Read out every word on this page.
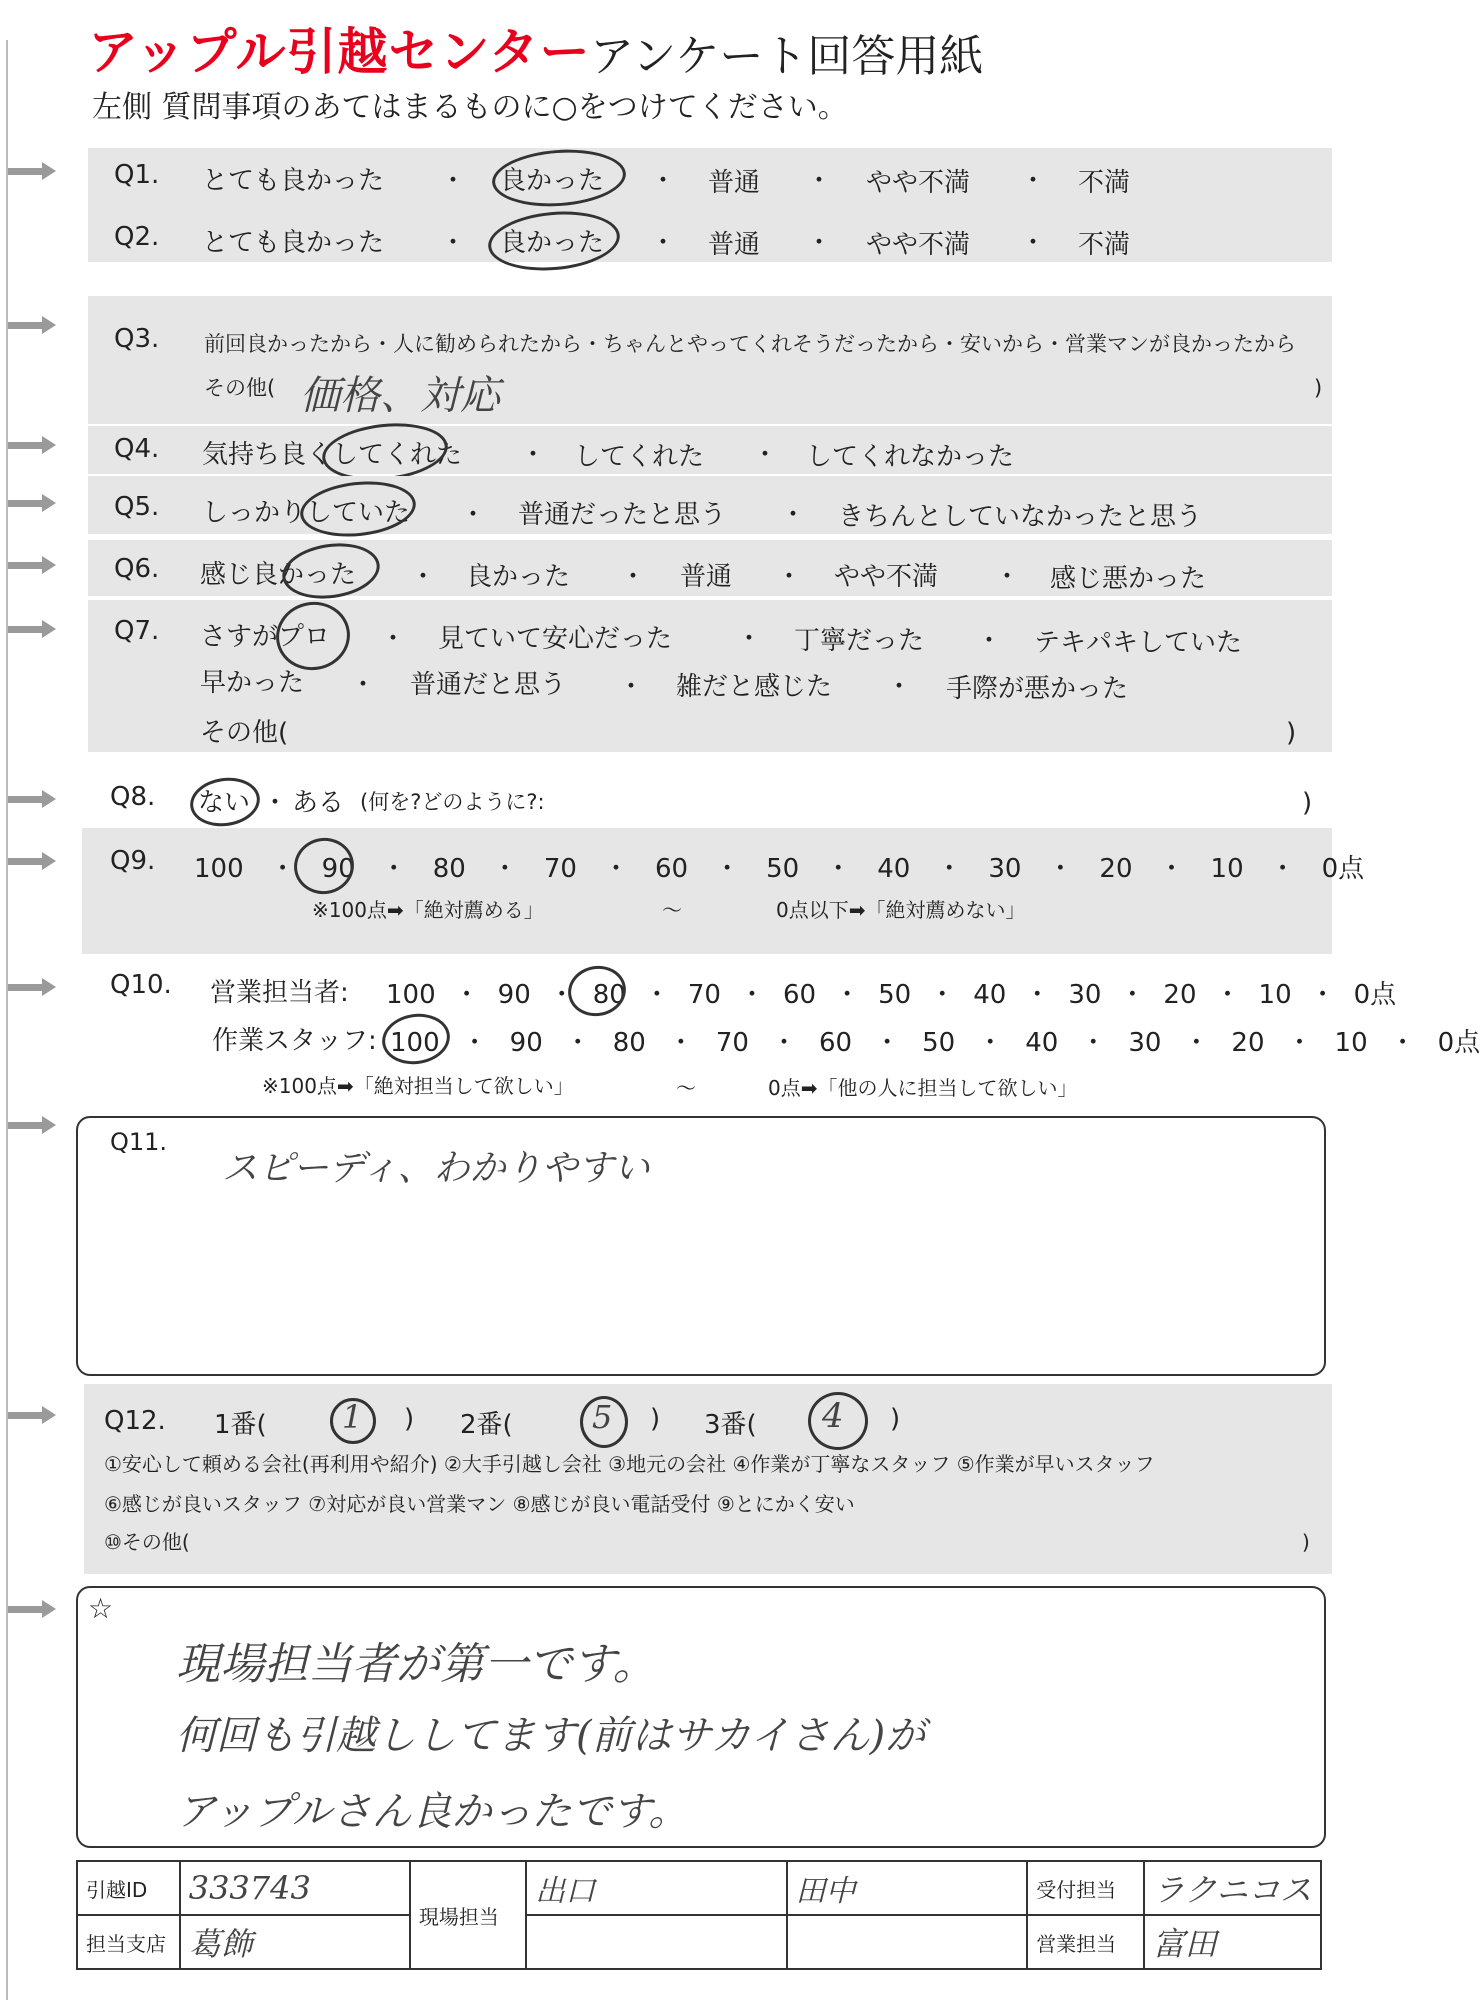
アップル引越センター アンケート回答用紙
左側 質問事項のあてはまるものに○をつけてください。
Q1. とても良かった ・ 良かった ・ 普通 ・ やや不満 ・ 不満
Q2. とても良かった ・ 良かった ・ 普通 ・ やや不満 ・ 不満
Q3. 前回良かったから・人に勧められたから・ちゃんとやってくれそうだったから・安いから・営業マンが良かったから
その他( 価格、対応	)
Q4. 気持ち良くしてくれた ・ してくれた ・ してくれなかった
Q5. しっかりしていた ・ 普通だったと思う ・ きちんとしていなかったと思う
Q6. 感じ良かった ・ 良かった ・ 普通 ・ やや不満 ・ 感じ悪かった
Q7. さすがプロ ・ 見ていて安心だった ・ 丁寧だった ・ テキパキしていた
早かった ・ 普通だと思う ・ 雑だと感じた ・ 手際が悪かった
その他(	)
Q8. ない ・ ある (何を?どのように?:	)
Q9. 100 ・ 90 ・ 80 ・ 70 ・ 60 ・ 50 ・ 40 ・ 30 ・ 20 ・ 10 ・ 0点
※100点➡「絶対薦める」	〜	0点以下➡「絶対薦めない」
Q10. 営業担当者: 100 ・ 90 ・ 80 ・ 70 ・ 60 ・ 50 ・ 40 ・ 30 ・ 20 ・ 10 ・ 0点
作業スタッフ: 100 ・ 90 ・ 80 ・ 70 ・ 60 ・ 50 ・ 40 ・ 30 ・ 20 ・ 10 ・ 0点
※100点➡「絶対担当して欲しい」	〜	0点➡「他の人に担当して欲しい」
Q11.
スピーディ、わかりやすい
Q12. 1番( 1 ) 2番( 5 ) 3番( 4 )
①安心して頼める会社(再利用や紹介) ②大手引越し会社 ③地元の会社 ④作業が丁寧なスタッフ ⑤作業が早いスタッフ
⑥感じが良いスタッフ ⑦対応が良い営業マン ⑧感じが良い電話受付 ⑨とにかく安い
⑩その他(	)
☆
現場担当者が第一です。
何回も引越ししてます(前はサカイさん)が
アップルさん良かったです。
引越ID	333743	現場担当	出口	田中	受付担当	ラクニコス
担当支店	葛飾				営業担当	富田
